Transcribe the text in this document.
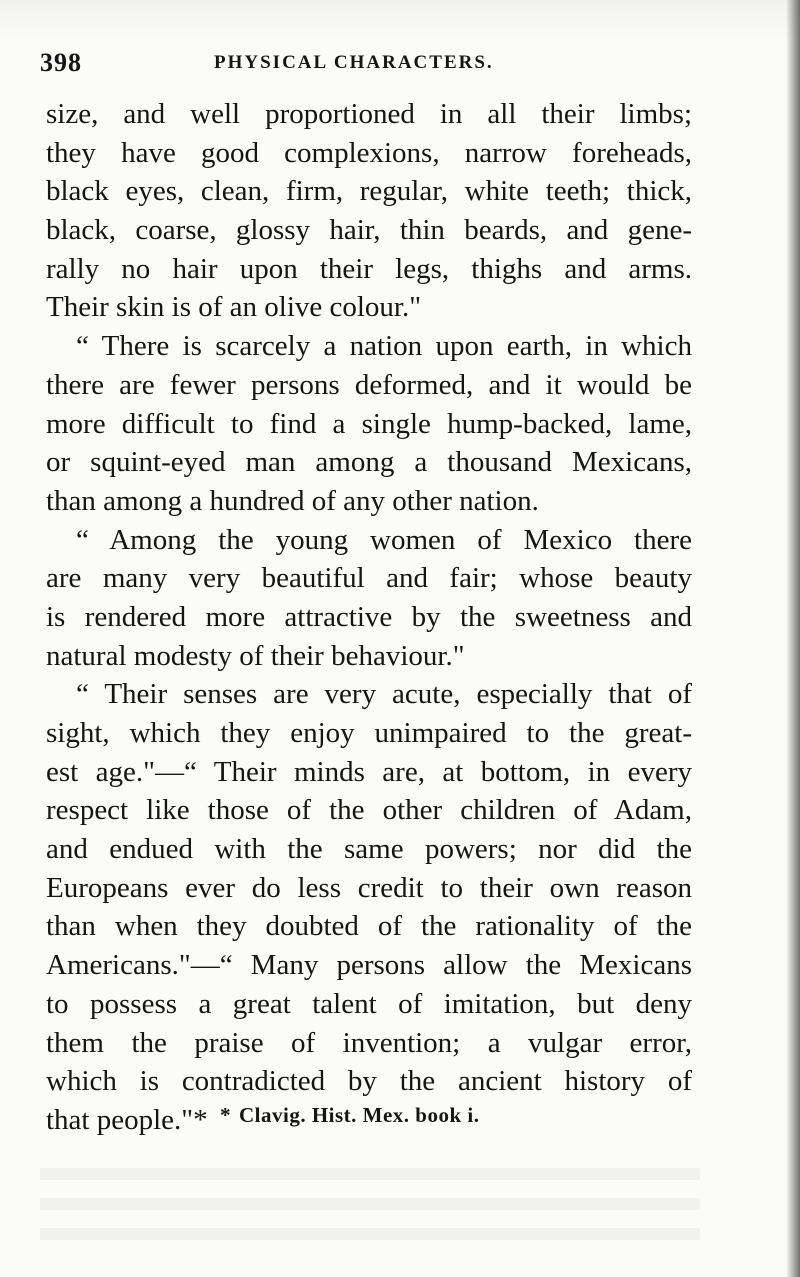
398	PHYSICAL CHARACTERS.
size, and well proportioned in all their limbs;
they have good complexions, narrow foreheads,
black eyes, clean, firm, regular, white teeth; thick,
black, coarse, glossy hair, thin beards, and gene-
rally no hair upon their legs, thighs and arms.
Their skin is of an olive colour."
“ There is scarcely a nation upon earth, in which
there are fewer persons deformed, and it would be
more difficult to find a single hump-backed, lame,
or squint-eyed man among a thousand Mexicans,
than among a hundred of any other nation.
“ Among the young women of Mexico there
are many very beautiful and fair; whose beauty
is rendered more attractive by the sweetness and
natural modesty of their behaviour."
“ Their senses are very acute, especially that of
sight, which they enjoy unimpaired to the great-
est age."—“ Their minds are, at bottom, in every
respect like those of the other children of Adam,
and endued with the same powers; nor did the
Europeans ever do less credit to their own reason
than when they doubted of the rationality of the
Americans."—“ Many persons allow the Mexicans
to possess a great talent of imitation, but deny
them the praise of invention; a vulgar error,
which is contradicted by the ancient history of
that people."* * Clavig. Hist. Mex. book i.
